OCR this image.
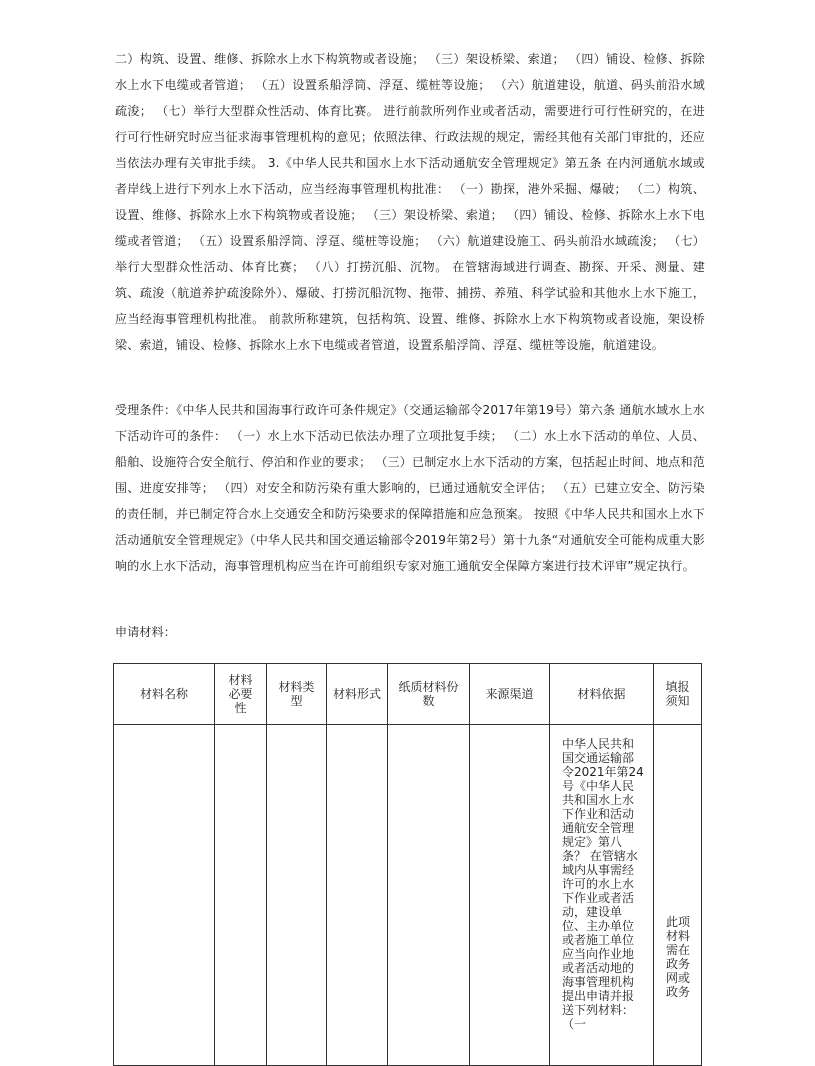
二）构筑、设置、维修、拆除水上水下构筑物或者设施； （三）架设桥梁、索道； （四）铺设、检修、拆除水上水下电缆或者管道； （五）设置系船浮筒、浮趸、缆桩等设施； （六）航道建设，航道、码头前沿水域疏浚； （七）举行大型群众性活动、体育比赛。 进行前款所列作业或者活动，需要进行可行性研究的，在进行可行性研究时应当征求海事管理机构的意见；依照法律、行政法规的规定，需经其他有关部门审批的，还应当依法办理有关审批手续。 3.《中华人民共和国水上水下活动通航安全管理规定》第五条 在内河通航水域或者岸线上进行下列水上水下活动，应当经海事管理机构批准： （一）勘探，港外采掘、爆破； （二）构筑、设置、维修、拆除水上水下构筑物或者设施； （三）架设桥梁、索道； （四）铺设、检修、拆除水上水下电缆或者管道； （五）设置系船浮筒、浮趸、缆桩等设施； （六）航道建设施工、码头前沿水域疏浚； （七）举行大型群众性活动、体育比赛； （八）打捞沉船、沉物。 在管辖海域进行调查、勘探、开采、测量、建筑、疏浚（航道养护疏浚除外）、爆破、打捞沉船沉物、拖带、捕捞、养殖、科学试验和其他水上水下施工，应当经海事管理机构批准。 前款所称建筑，包括构筑、设置、维修、拆除水上水下构筑物或者设施，架设桥梁、索道，铺设、检修、拆除水上水下电缆或者管道，设置系船浮筒、浮趸、缆桩等设施，航道建设。

受理条件：《中华人民共和国海事行政许可条件规定》（交通运输部令2017年第19号）第六条 通航水域水上水下活动许可的条件： （一）水上水下活动已依法办理了立项批复手续； （二）水上水下活动的单位、人员、船舶、设施符合安全航行、停泊和作业的要求； （三）已制定水上水下活动的方案，包括起止时间、地点和范围、进度安排等； （四）对安全和防污染有重大影响的，已通过通航安全评估； （五）已建立安全、防污染的责任制，并已制定符合水上交通安全和防污染要求的保障措施和应急预案。 按照《中华人民共和国水上水下活动通航安全管理规定》（中华人民共和国交通运输部令2019年第2号）第十九条“对通航安全可能构成重大影响的水上水下活动，海事管理机构应当在许可前组织专家对施工通航安全保障方案进行技术评审”规定执行。

申请材料：

材料名称	材料必要性	材料类型	材料形式	纸质材料份数	来源渠道	材料依据	填报须知

						中华人民共和国交通运输部令2021年第24号《中华人民共和国水上水下作业和活动通航安全管理规定》第八条？ 在管辖水域内从事需经许可的水上水下作业或者活动，建设单位、主办单位或者施工单位应当向作业地或者活动地的海事管理机构提出申请并报送下列材料：（一	此项材料需在政务网或政务
